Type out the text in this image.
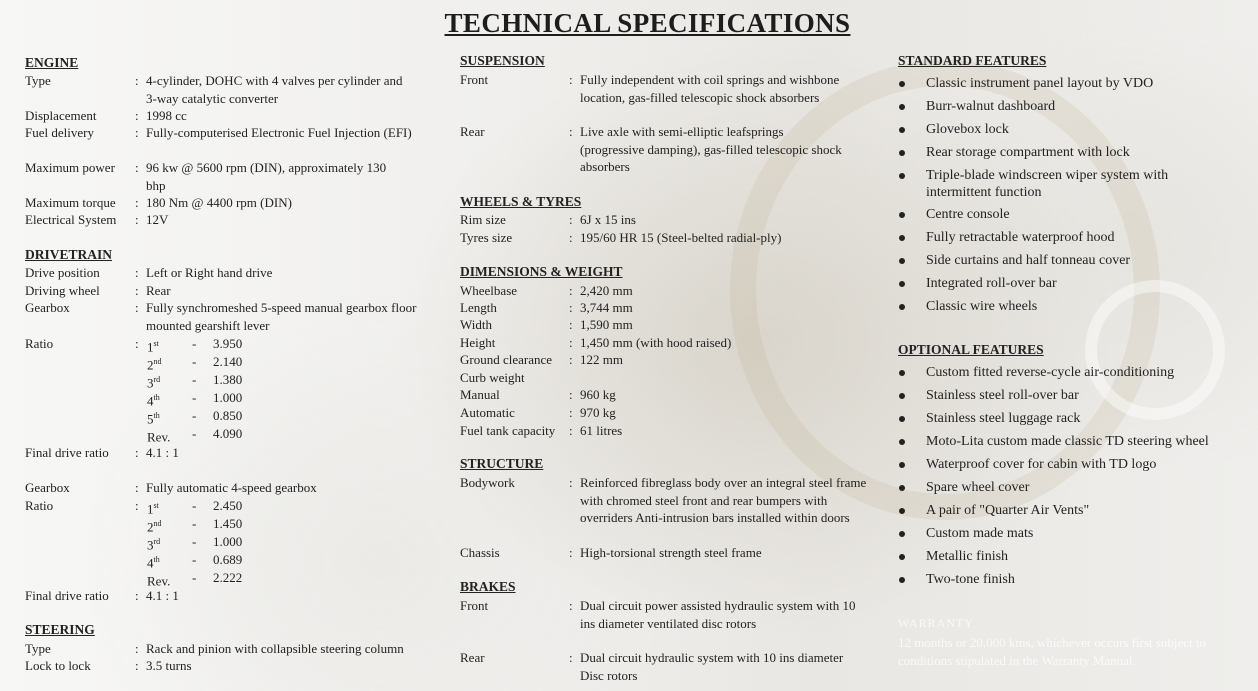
TECHNICAL SPECIFICATIONS
ENGINE
Type	: 4-cylinder, DOHC with 4 valves per cylinder and 3-way catalytic converter
Displacement	: 1998 cc
Fuel delivery	: Fully-computerised Electronic Fuel Injection (EFI)
Maximum power : 96 kw @ 5600 rpm (DIN), approximately 130 bhp
Maximum torque : 180 Nm @ 4400 rpm (DIN)
Electrical System : 12V
DRIVETRAIN
Drive position	: Left or Right hand drive
Driving wheel	: Rear
Gearbox	: Fully synchromeshed 5-speed manual gearbox floor mounted gearshift lever
Ratio	: 1st	- 3.950
2nd - 2.140
3rd - 1.380
4th - 1.000
5th - 0.850
Rev. - 4.090
Final drive ratio : 4.1 : 1
Gearbox	: Fully automatic 4-speed gearbox
Ratio	: 1st	- 2.450
2nd - 1.450
3rd - 1.000
4th - 0.689
Rev. - 2.222
Final drive ratio : 4.1 : 1
STEERING
Type	: Rack and pinion with collapsible steering column
Lock to lock	: 3.5 turns
SUSPENSION
Front	: Fully independent with coil springs and wishbone location, gas-filled telescopic shock absorbers
Rear	: Live axle with semi-elliptic leafsprings (progressive damping), gas-filled telescopic shock absorbers
WHEELS & TYRES
Rim size	: 6J x 15 ins
Tyres size	: 195/60 HR 15 (Steel-belted radial-ply)
DIMENSIONS & WEIGHT
Wheelbase	: 2,420 mm
Length	: 3,744 mm
Width	: 1,590 mm
Height	: 1,450 mm (with hood raised)
Ground clearance : 122 mm
Curb weight
Manual	: 960 kg
Automatic	: 970 kg
Fuel tank capacity : 61 litres
STRUCTURE
Bodywork	: Reinforced fibreglass body over an integral steel frame with chromed steel front and rear bumpers with overriders Anti-intrusion bars installed within doors
Chassis	: High-torsional strength steel frame
BRAKES
Front	: Dual circuit power assisted hydraulic system with 10 ins diameter ventilated disc rotors
Rear	: Dual circuit hydraulic system with 10 ins diameter Disc rotors
STANDARD FEATURES
Classic instrument panel layout by VDO
Burr-walnut dashboard
Glovebox lock
Rear storage compartment with lock
Triple-blade windscreen wiper system with intermittent function
Centre console
Fully retractable waterproof hood
Side curtains and half tonneau cover
Integrated roll-over bar
Classic wire wheels
OPTIONAL FEATURES
Custom fitted reverse-cycle air-conditioning
Stainless steel roll-over bar
Stainless steel luggage rack
Moto-Lita custom made classic TD steering wheel
Waterproof cover for cabin with TD logo
Spare wheel cover
A pair of "Quarter Air Vents"
Custom made mats
Metallic finish
Two-tone finish
WARRANTY
12 months or 20,000 kms, whichever occurs first subject to conditions stipulated in the Warranty Manual.
